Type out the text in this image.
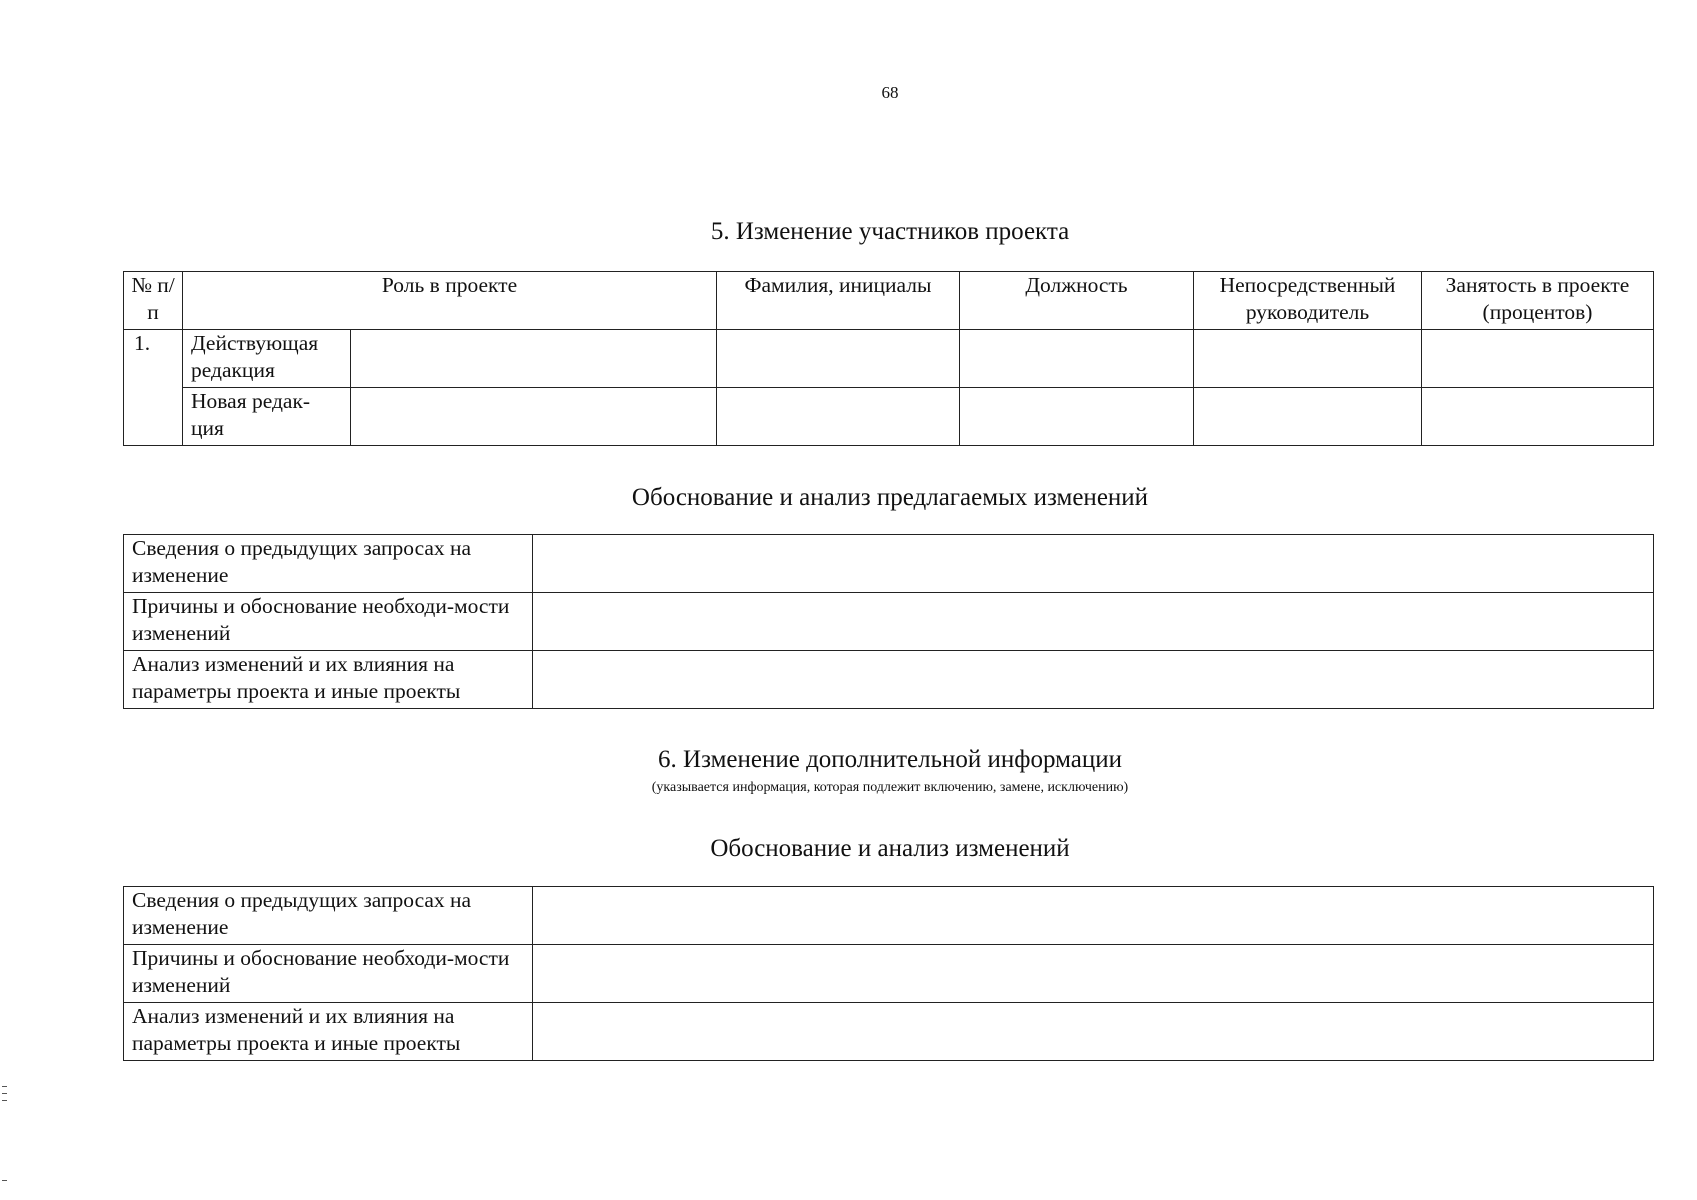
68
5. Изменение участников проекта
№ п/п	Роль в проекте		Фамилия, инициалы	Должность	Непосредственный руководитель	Занятость в проекте (процентов)
1.	Действующая редакция					
	Новая редак-ция					
Обоснование и анализ предлагаемых изменений
Сведения о предыдущих запросах на изменение	
Причины и обоснование необходи-мости изменений	
Анализ изменений и их влияния на параметры проекта и иные проекты	
6. Изменение дополнительной информации
(указывается информация, которая подлежит включению, замене, исключению)
Обоснование и анализ изменений
Сведения о предыдущих запросах на изменение	
Причины и обоснование необходи-мости изменений	
Анализ изменений и их влияния на параметры проекта и иные проекты	
